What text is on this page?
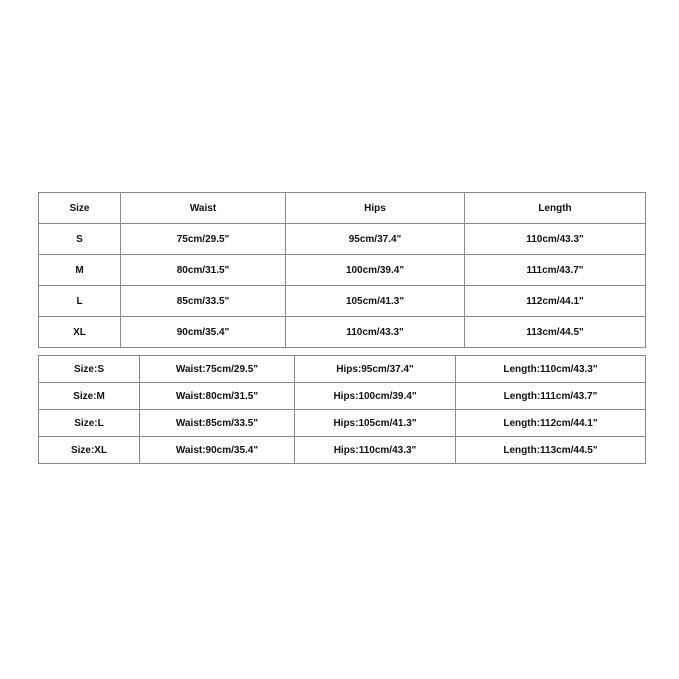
Size	Waist	Hips	Length
S	75cm/29.5"	95cm/37.4"	110cm/43.3"
M	80cm/31.5"	100cm/39.4"	111cm/43.7"
L	85cm/33.5"	105cm/41.3"	112cm/44.1"
XL	90cm/35.4"	110cm/43.3"	113cm/44.5"
Size:S	Waist:75cm/29.5"	Hips:95cm/37.4"	Length:110cm/43.3"
Size:M	Waist:80cm/31.5"	Hips:100cm/39.4"	Length:111cm/43.7"
Size:L	Waist:85cm/33.5"	Hips:105cm/41.3"	Length:112cm/44.1"
Size:XL	Waist:90cm/35.4"	Hips:110cm/43.3"	Length:113cm/44.5"
